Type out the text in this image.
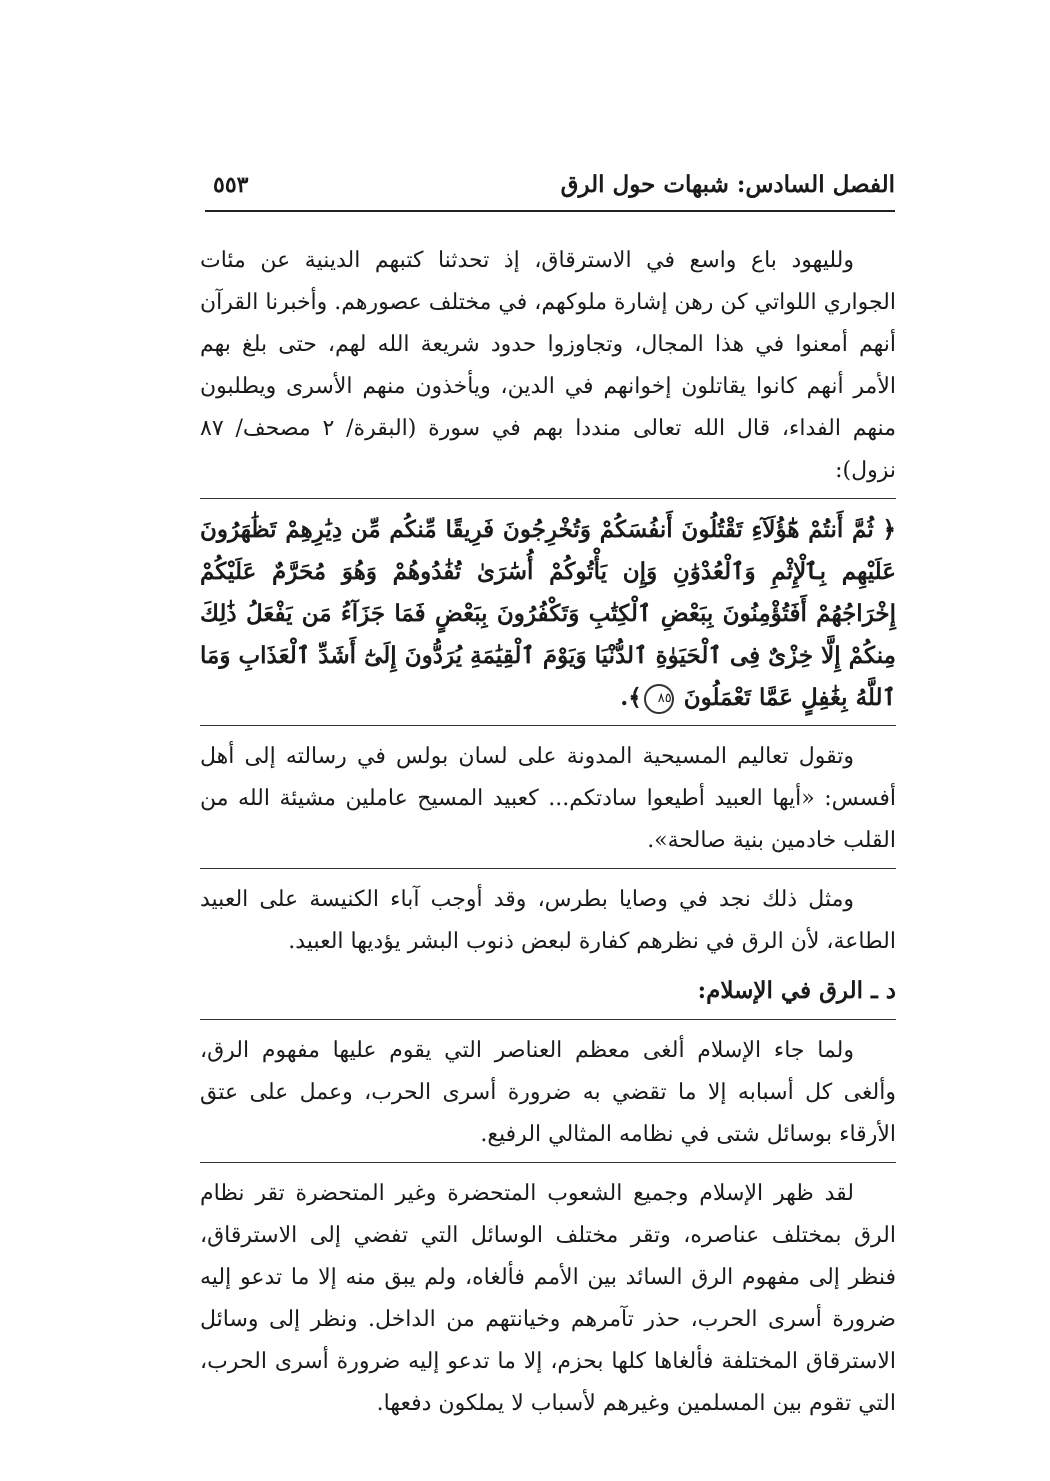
الفصل السادس: شبهات حول الرق
٥٥٣

ولليهود باع واسع في الاسترقاق، إذ تحدثنا كتبهم الدينية عن مئات الجواري اللواتي كن رهن إشارة ملوكهم، في مختلف عصورهم. وأخبرنا القرآن أنهم أمعنوا في هذا المجال، وتجاوزوا حدود شريعة الله لهم، حتى بلغ بهم الأمر أنهم كانوا يقاتلون إخوانهم في الدين، ويأخذون منهم الأسرى ويطلبون منهم الفداء، قال الله تعالى منددا بهم في سورة (البقرة/ ٢ مصحف/ ٨٧ نزول):

﴿ ثُمَّ أَنتُمْ هَٰٓؤُلَآءِ تَقْتُلُونَ أَنفُسَكُمْ وَتُخْرِجُونَ فَرِيقًا مِّنكُم مِّن دِيَٰرِهِمْ تَظَٰهَرُونَ عَلَيْهِم بِٱلْإِثْمِ وَٱلْعُدْوَٰنِ وَإِن يَأْتُوكُمْ أُسَٰرَىٰ تُفَٰدُوهُمْ وَهُوَ مُحَرَّمٌ عَلَيْكُمْ إِخْرَاجُهُمْ أَفَتُؤْمِنُونَ بِبَعْضِ ٱلْكِتَٰبِ وَتَكْفُرُونَ بِبَعْضٍ فَمَا جَزَآءُ مَن يَفْعَلُ ذَٰلِكَ مِنكُمْ إِلَّا خِزْىٌ فِى ٱلْحَيَوٰةِ ٱلدُّنْيَا وَيَوْمَ ٱلْقِيَٰمَةِ يُرَدُّونَ إِلَىٰٓ أَشَدِّ ٱلْعَذَابِ وَمَا ٱللَّهُ بِغَٰفِلٍ عَمَّا تَعْمَلُونَ ٨٥﴾.

وتقول تعاليم المسيحية المدونة على لسان بولس في رسالته إلى أهل أفسس: «أيها العبيد أطيعوا سادتكم... كعبيد المسيح عاملين مشيئة الله من القلب خادمين بنية صالحة».

ومثل ذلك نجد في وصايا بطرس، وقد أوجب آباء الكنيسة على العبيد الطاعة، لأن الرق في نظرهم كفارة لبعض ذنوب البشر يؤديها العبيد.

د ـ الرق في الإسلام:

ولما جاء الإسلام ألغى معظم العناصر التي يقوم عليها مفهوم الرق، وألغى كل أسبابه إلا ما تقضي به ضرورة أسرى الحرب، وعمل على عتق الأرقاء بوسائل شتى في نظامه المثالي الرفيع.

لقد ظهر الإسلام وجميع الشعوب المتحضرة وغير المتحضرة تقر نظام الرق بمختلف عناصره، وتقر مختلف الوسائل التي تفضي إلى الاسترقاق، فنظر إلى مفهوم الرق السائد بين الأمم فألغاه، ولم يبق منه إلا ما تدعو إليه ضرورة أسرى الحرب، حذر تآمرهم وخيانتهم من الداخل. ونظر إلى وسائل الاسترقاق المختلفة فألغاها كلها بحزم، إلا ما تدعو إليه ضرورة أسرى الحرب، التي تقوم بين المسلمين وغيرهم لأسباب لا يملكون دفعها.
